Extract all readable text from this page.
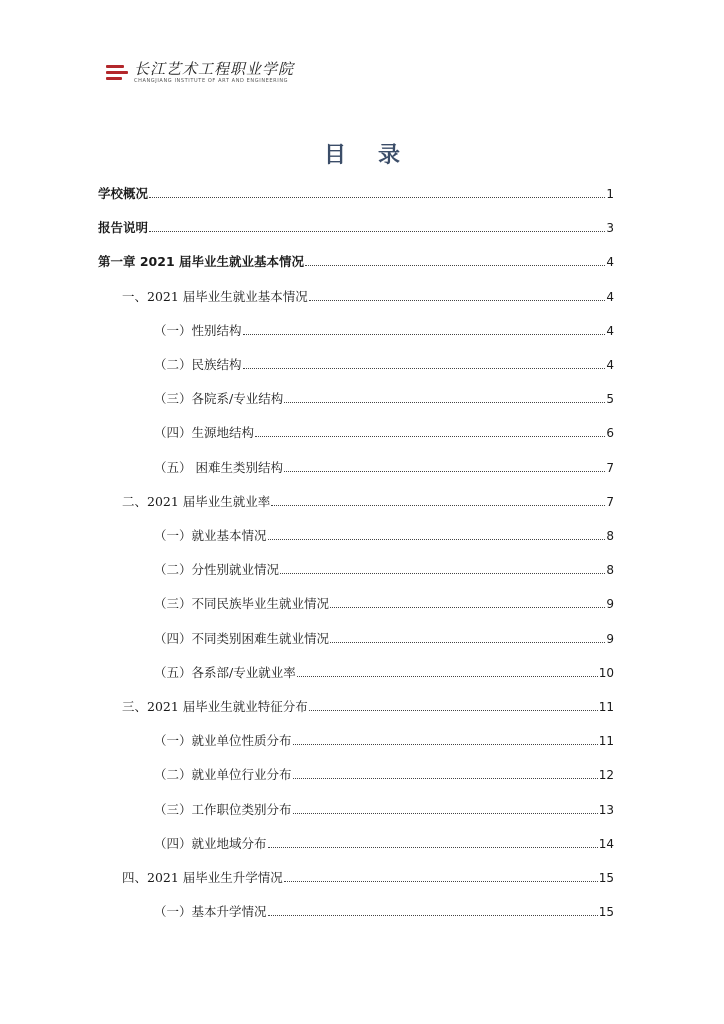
长江艺术工程职业学院
CHANGJIANG INSTITUTE OF ART AND ENGINEERING
目录
学校概况	1
报告说明	3
第一章 2021 届毕业生就业基本情况	4
一、2021 届毕业生就业基本情况	4
（一）性别结构	4
（二）民族结构	4
（三）各院系/专业结构	5
（四）生源地结构	6
（五） 困难生类别结构	7
二、2021 届毕业生就业率	7
（一）就业基本情况	8
（二）分性别就业情况	8
（三）不同民族毕业生就业情况	9
（四）不同类别困难生就业情况	9
（五）各系部/专业就业率	10
三、2021 届毕业生就业特征分布	11
（一）就业单位性质分布	11
（二）就业单位行业分布	12
（三）工作职位类别分布	13
（四）就业地域分布	14
四、2021 届毕业生升学情况	15
（一）基本升学情况	15
